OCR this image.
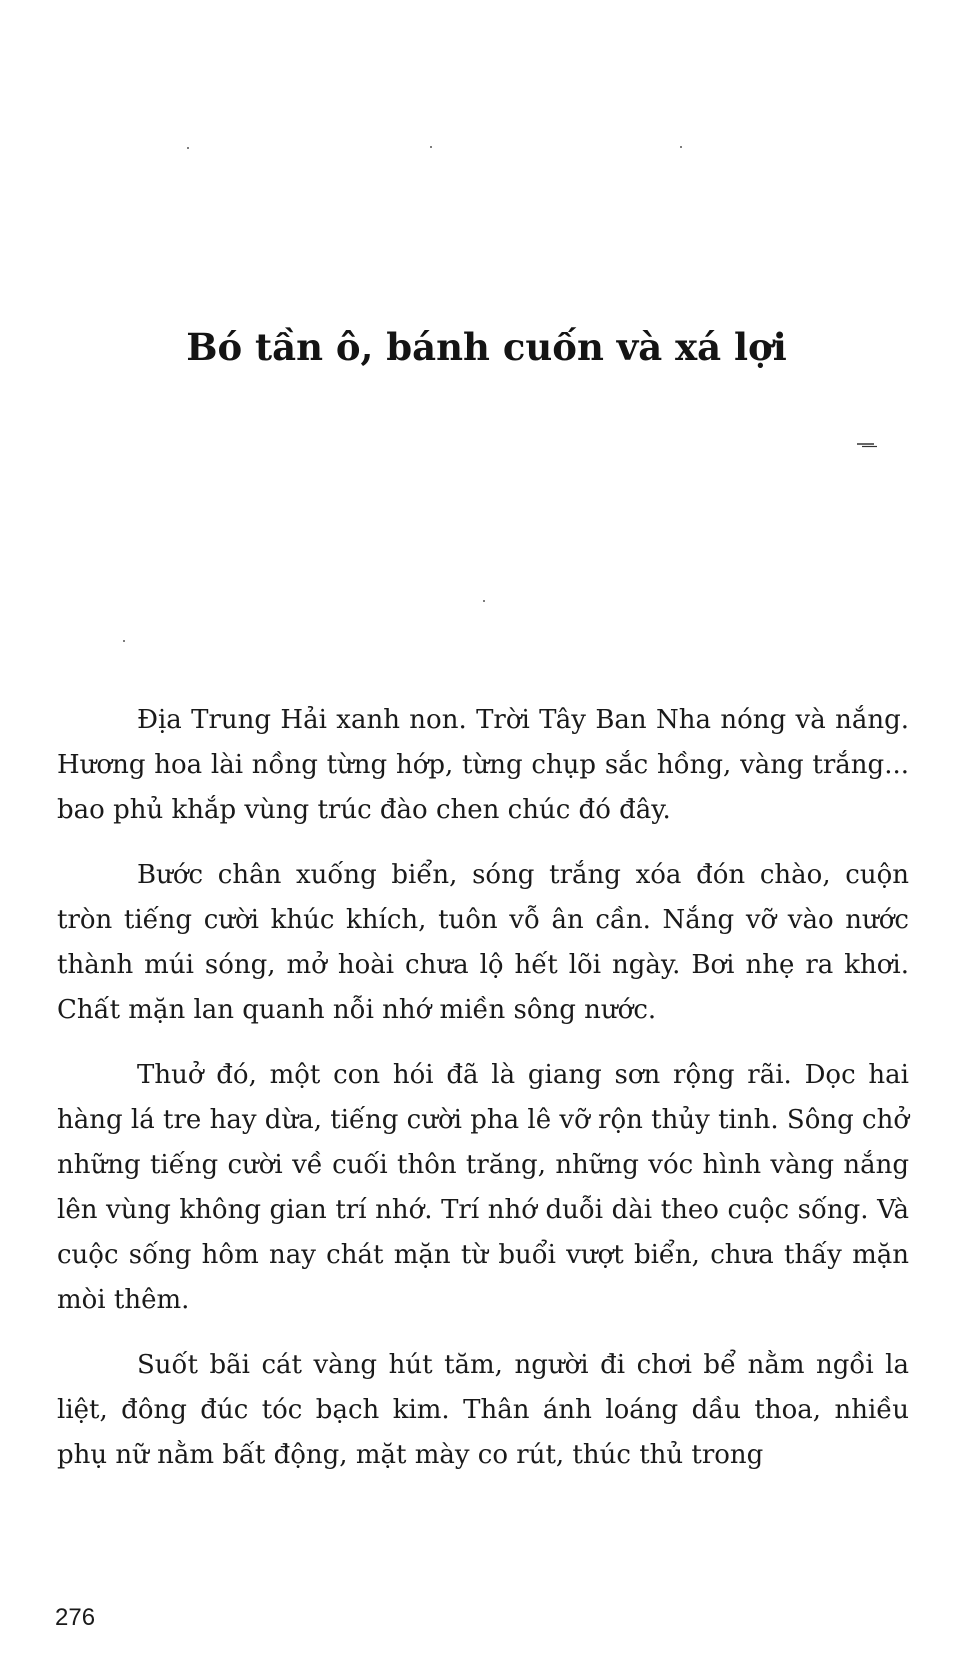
Bó tần ô, bánh cuốn và xá lợi

Địa Trung Hải xanh non. Trời Tây Ban Nha nóng và nắng. Hương hoa lài nồng từng hớp, từng chụp sắc hồng, vàng trắng... bao phủ khắp vùng trúc đào chen chúc đó đây.

Bước chân xuống biển, sóng trắng xóa đón chào, cuộn tròn tiếng cười khúc khích, tuôn vỗ ân cần. Nắng vỡ vào nước thành múi sóng, mở hoài chưa lộ hết lõi ngày. Bơi nhẹ ra khơi. Chất mặn lan quanh nỗi nhớ miền sông nước.

Thuở đó, một con hói đã là giang sơn rộng rãi. Dọc hai hàng lá tre hay dừa, tiếng cười pha lê vỡ rộn thủy tinh. Sông chở những tiếng cười về cuối thôn trăng, những vóc hình vàng nắng lên vùng không gian trí nhớ. Trí nhớ duỗi dài theo cuộc sống. Và cuộc sống hôm nay chát mặn từ buổi vượt biển, chưa thấy mặn mòi thêm.

Suốt bãi cát vàng hút tăm, người đi chơi bể nằm ngồi la liệt, đông đúc tóc bạch kim. Thân ánh loáng dầu thoa, nhiều phụ nữ nằm bất động, mặt mày co rút, thúc thủ trong

276
